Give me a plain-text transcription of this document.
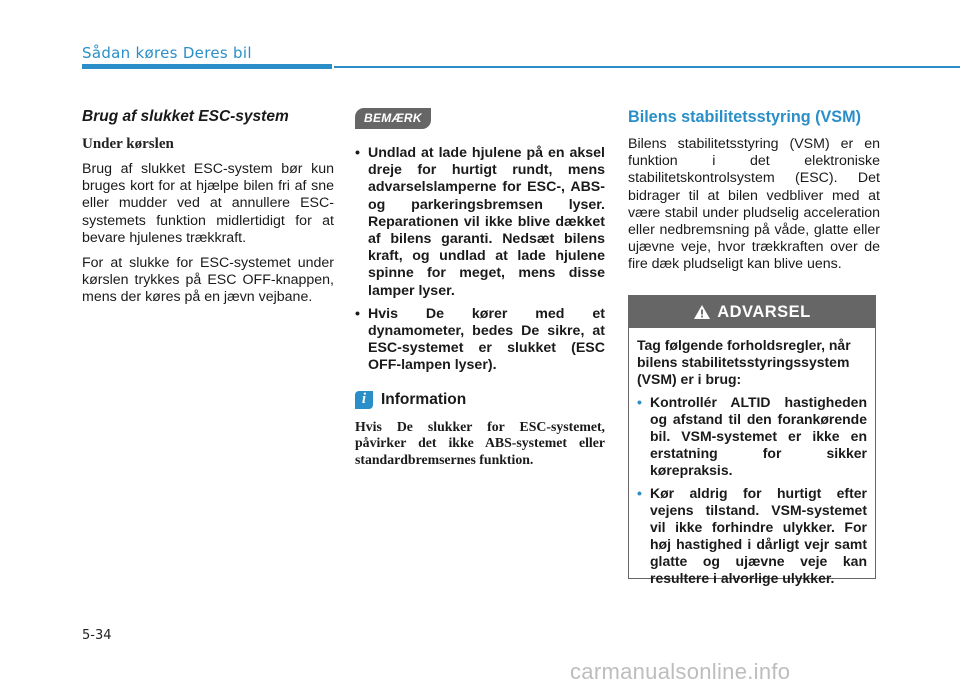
Sådan køres Deres bil
Brug af slukket ESC-system
Under kørslen

Brug af slukket ESC-system bør kun bruges kort for at hjælpe bilen fri af sne eller mudder ved at annullere ESC-systemets funktion midlertidigt for at bevare hjulenes trækkraft.

For at slukke for ESC-systemet under kørslen trykkes på ESC OFF-knappen, mens der køres på en jævn vejbane.

BEMÆRK
• Undlad at lade hjulene på en aksel dreje for hurtigt rundt, mens advarselslamperne for ESC-, ABS- og parkeringsbremsen lyser. Reparationen vil ikke blive dækket af bilens garanti. Nedsæt bilens kraft, og undlad at lade hjulene spinne for meget, mens disse lamper lyser.
• Hvis De kører med et dynamometer, bedes De sikre, at ESC-systemet er slukket (ESC OFF-lampen lyser).
i Information
Hvis De slukker for ESC-systemet, påvirker det ikke ABS-systemet eller standardbremsernes funktion.
Bilens stabilitetsstyring (VSM)

Bilens stabilitetsstyring (VSM) er en funktion i det elektroniske stabilitetskontrolsystem (ESC). Det bidrager til at bilen vedbliver med at være stabil under pludselig acceleration eller nedbremsning på våde, glatte eller ujævne veje, hvor trækkraften over de fire dæk pludseligt kan blive uens.

ADVARSEL

Tag følgende forholdsregler, når bilens stabilitetsstyringssystem (VSM) er i brug:

• Kontrollér ALTID hastigheden og afstand til den forankørende bil. VSM-systemet er ikke en erstatning for sikker kørepraksis.
• Kør aldrig for hurtigt efter vejens tilstand. VSM-systemet vil ikke forhindre ulykker. For høj hastighed i dårligt vejr samt glatte og ujævne veje kan resultere i alvorlige ulykker.
5-34
carmanualsonline.info
